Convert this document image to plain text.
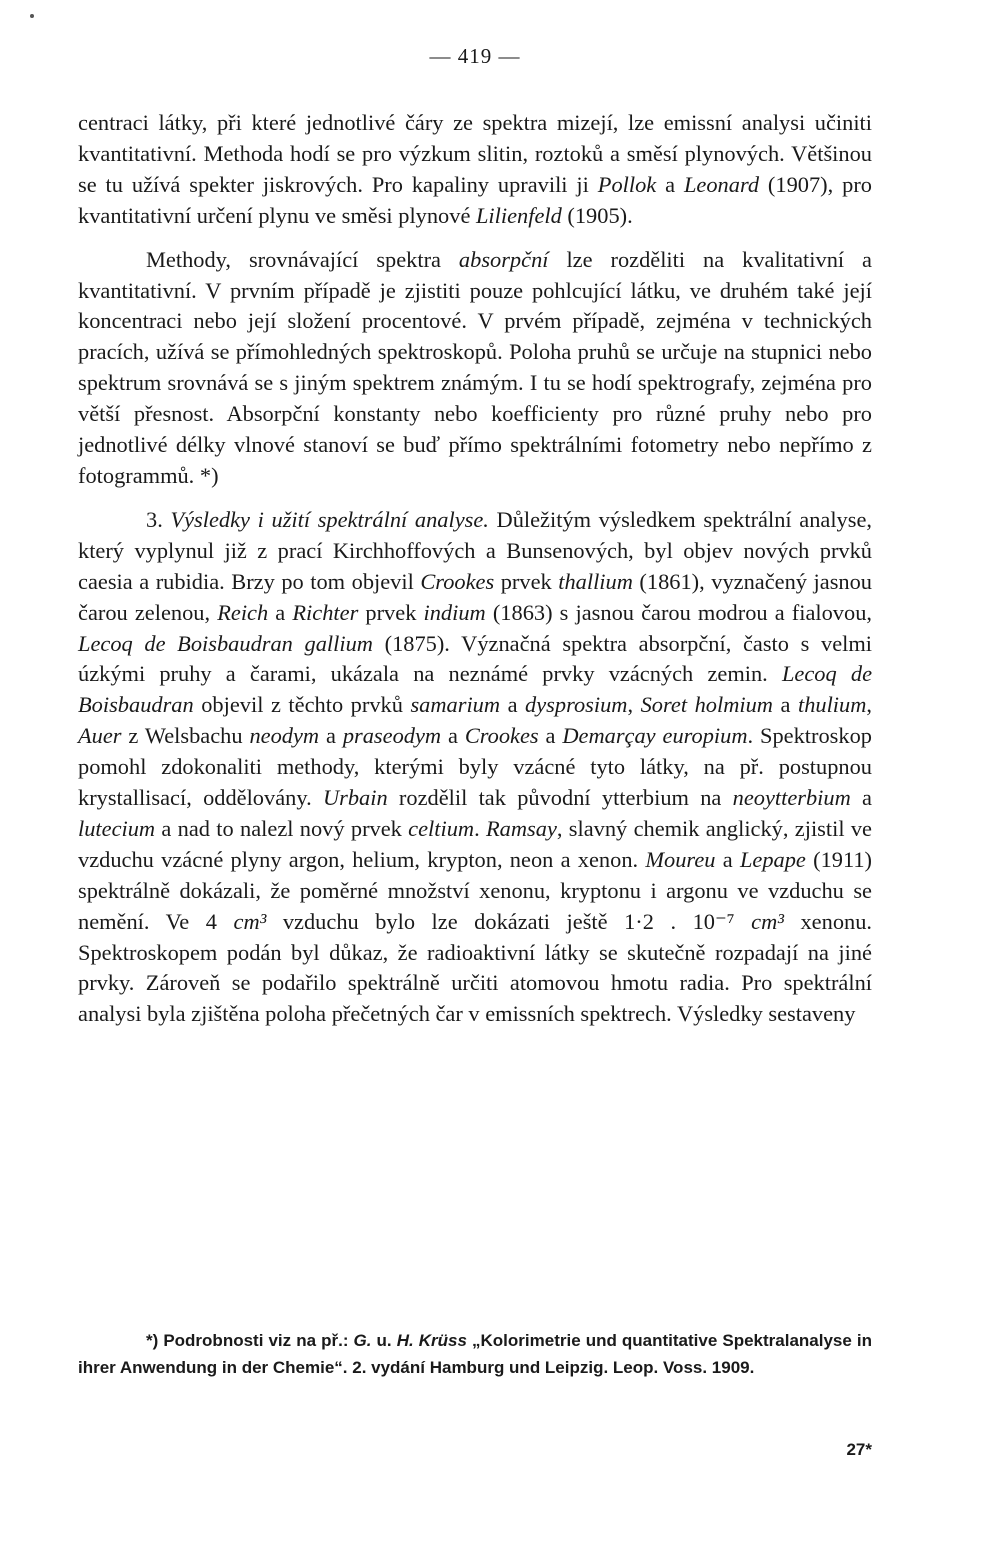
— 419 —

centraci látky, při které jednotlivé čáry ze spektra mizejí, lze emissní analysi učiniti kvantitativní. Methoda hodí se pro výzkum slitin, roztoků a směsí plynových. Většinou se tu užívá spekter jiskrových. Pro kapaliny upravili ji Pollok a Leonard (1907), pro kvantitativní určení plynu ve směsi plynové Lilienfeld (1905).

Methody, srovnávající spektra absorpční lze rozděliti na kvalitativní a kvantitativní. V prvním případě je zjistiti pouze pohlcující látku, ve druhém také její koncentraci nebo její složení procentové. V prvém případě, zejména v technických pracích, užívá se přímohledných spektroskopů. Poloha pruhů se určuje na stupnici nebo spektrum srovnává se s jiným spektrem známým. I tu se hodí spektrografy, zejména pro větší přesnost. Absorpční konstanty nebo koefficienty pro různé pruhy nebo pro jednotlivé délky vlnové stanoví se buď přímo spektrálními fotometry nebo nepřímo z fotogrammů. *)

3. Výsledky i užití spektrální analyse. Důležitým výsledkem spektrální analyse, který vyplynul již z prací Kirchhoffových a Bunsenových, byl objev nových prvků caesia a rubidia. Brzy po tom objevil Crookes prvek thallium (1861), vyznačený jasnou čarou zelenou, Reich a Richter prvek indium (1863) s jasnou čarou modrou a fialovou, Lecoq de Boisbaudran gallium (1875). Význačná spektra absorpční, často s velmi úzkými pruhy a čarami, ukázala na neznámé prvky vzácných zemin. Lecoq de Boisbaudran objevil z těchto prvků samarium a dysprosium, Soret holmium a thulium, Auer z Welsbachu neodym a praseodym a Crookes a Demarçay europium. Spektroskop pomohl zdokonaliti methody, kterými byly vzácné tyto látky, na př. postupnou krystallisací, oddělovány. Urbain rozdělil tak původní ytterbium na neoytterbium a lutecium a nad to nalezl nový prvek celtium. Ramsay, slavný chemik anglický, zjistil ve vzduchu vzácné plyny argon, helium, krypton, neon a xenon. Moureu a Lepape (1911) spektrálně dokázali, že poměrné množství xenonu, kryptonu i argonu ve vzduchu se nemění. Ve 4 cm³ vzduchu bylo lze dokázati ještě 1·2 . 10⁻⁷ cm³ xenonu. Spektroskopem podán byl důkaz, že radioaktivní látky se skutečně rozpadají na jiné prvky. Zároveň se podařilo spektrálně určiti atomovou hmotu radia. Pro spektrální analysi byla zjištěna poloha přečetných čar v emissních spektrech. Výsledky sestaveny

*) Podrobnosti viz na př.: G. u. H. Krüss „Kolorimetrie und quantitative Spektralanalyse in ihrer Anwendung in der Chemie“. 2. vydání Hamburg und Leipzig. Leop. Voss. 1909.

27*
